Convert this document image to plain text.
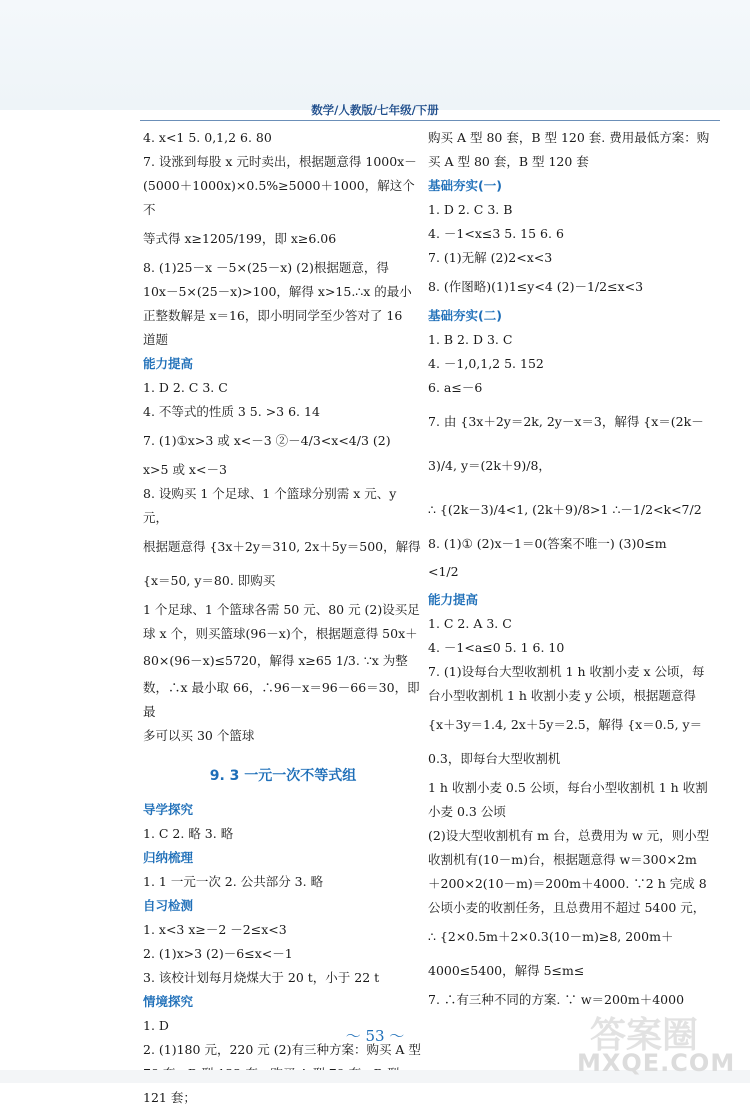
数学/人教版/七年级/下册
4. x<1 5. 0,1,2 6. 80
7. 设涨到每股 x 元时卖出，根据题意得 1000x－
(5000＋1000x)×0.5%≥5000＋1000，解这个不
等式得 x≥1205/199，即 x≥6.06
8. (1)25－x －5×(25－x) (2)根据题意，得
10x－5×(25－x)>100，解得 x>15.∴x 的最小
正整数解是 x＝16，即小明同学至少答对了 16
道题
能力提高
1. D 2. C 3. C
4. 不等式的性质 3 5. >3 6. 14
7. (1)①x>3 或 x<－3 ②－4/3<x<4/3 (2)
x>5 或 x<－3
8. 设购买 1 个足球、1 个篮球分别需 x 元、y 元，
根据题意得 {3x＋2y＝310, 2x＋5y＝500，解得 {x＝50, y＝80. 即购买
1 个足球、1 个篮球各需 50 元、80 元 (2)设买足
球 x 个，则买篮球(96－x)个，根据题意得 50x＋
80×(96－x)≤5720，解得 x≥65 1/3. ∵x 为整
数，∴x 最小取 66，∴96－x＝96－66＝30，即最
多可以买 30 个篮球
9. 3 一元一次不等式组
导学探究
1. C 2. 略 3. 略
归纳梳理
1. 1 一元一次 2. 公共部分 3. 略
自习检测
1. x<3 x≥－2 －2≤x<3
2. (1)x>3 (2)－6≤x<－1
3. 该校计划每月烧煤大于 20 t，小于 22 t
情境探究
1. D
2. (1)180 元，220 元 (2)有三种方案：购买 A 型
121 套；
购买 A 型 80 套，B 型 120 套. 费用最低方案：购
买 A 型 80 套，B 型 120 套
基础夯实(一)
1. D 2. C 3. B
4. －1<x≤3 5. 15 6. 6
7. (1)无解 (2)2<x<3
8. (作图略)(1)1≤y<4 (2)－1/2≤x<3
基础夯实(二)
1. B 2. D 3. C
4. －1,0,1,2 5. 152
6. a≤－6
7. 由 {3x＋2y＝2k, 2y－x＝3，解得 {x＝(2k－3)/4, y＝(2k＋9)/8，
∴ {(2k－3)/4<1, (2k＋9)/8>1 ∴－1/2<k<7/2
8. (1)① (2)x－1＝0(答案不唯一) (3)0≤m
<1/2
能力提高
1. C 2. A 3. C
4. －1<a≤0 5. 1 6. 10
7. (1)设每台大型收割机 1 h 收割小麦 x 公顷，每
台小型收割机 1 h 收割小麦 y 公顷，根据题意得
{x＋3y＝1.4, 2x＋5y＝2.5，解得 {x＝0.5, y＝0.3，即每台大型收割机
1 h 收割小麦 0.5 公顷，每台小型收割机 1 h 收割
小麦 0.3 公顷
(2)设大型收割机有 m 台，总费用为 w 元，则小型
收割机有(10－m)台，根据题意得 w＝300×2m
＋200×2(10－m)＝200m＋4000. ∵2 h 完成 8
公顷小麦的收割任务，且总费用不超过 5400 元，
∴ {2×0.5m＋2×0.3(10－m)≥8, 200m＋4000≤5400，解得 5≤m≤
7. ∴有三种不同的方案. ∵ w＝200m＋4000
～ 53 ～	答案圈
MXQE.COM
